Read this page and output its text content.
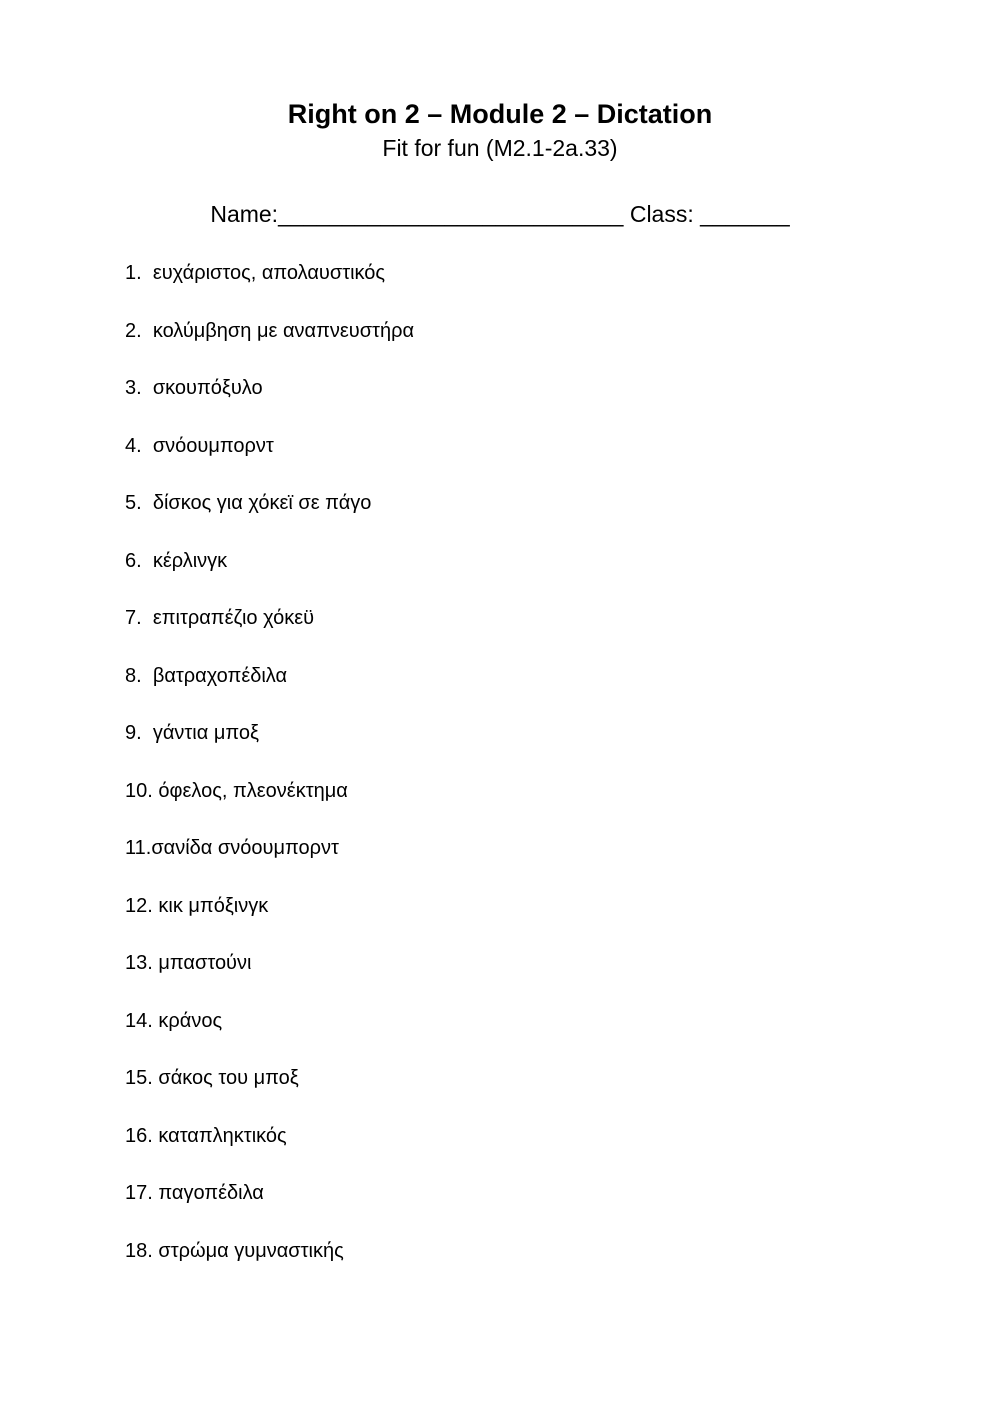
Right on 2 – Module 2 – Dictation
Fit for fun (M2.1-2a.33)
Name:___________________________ Class: _______
1. ευχάριστος, απολαυστικός
2. κολύμβηση με αναπνευστήρα
3. σκουπόξυλο
4. σνόουμπορντ
5. δίσκος για χόκεϊ σε πάγο
6. κέρλινγκ
7. επιτραπέζιο χόκεϋ
8. βατραχοπέδιλα
9. γάντια μποξ
10. όφελος, πλεονέκτημα
11.σανίδα σνόουμπορντ
12. κικ μπόξινγκ
13. μπαστούνι
14. κράνος
15. σάκος του μποξ
16. καταπληκτικός
17. παγοπέδιλα
18. στρώμα γυμναστικής
